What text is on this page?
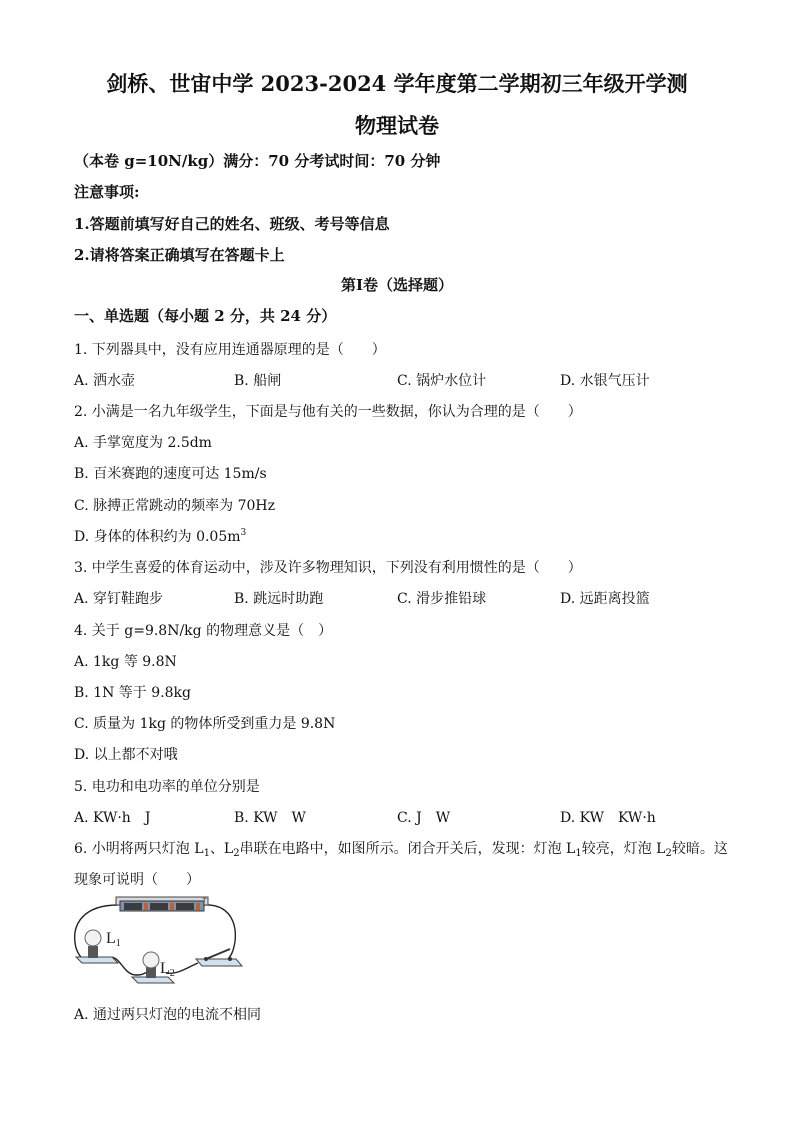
剑桥、世宙中学 2023-2024 学年度第二学期初三年级开学测
物理试卷
（本卷 g=10N/kg）满分：70 分考试时间：70 分钟
注意事项:
1.答题前填写好自己的姓名、班级、考号等信息
2.请将答案正确填写在答题卡上
第Ⅰ卷（选择题）
一、单选题（每小题 2 分，共 24 分）
1. 下列器具中，没有应用连通器原理的是（　　）
A. 洒水壶	B. 船闸	C. 锅炉水位计	D. 水银气压计
2. 小满是一名九年级学生，下面是与他有关的一些数据，你认为合理的是（　　）
A. 手掌宽度为 2.5dm
B. 百米赛跑的速度可达 15m/s
C. 脉搏正常跳动的频率为 70Hz
D. 身体的体积约为 $0.05m^3$
3. 中学生喜爱的体育运动中，涉及许多物理知识，下列没有利用惯性的是（　　）
A. 穿钉鞋跑步	B. 跳远时助跑	C. 滑步推铅球	D. 远距离投篮
4. 关于 g=9.8N/kg 的物理意义是（　）
A. 1kg 等 9.8N
B. 1N 等于 9.8kg
C. 质量为 1kg 的物体所受到重力是 9.8N
D. 以上都不对哦
5. 电功和电功率的单位分别是
A. KW·h　J	B. KW　W	C. J　W	D. KW　KW·h
6. 小明将两只灯泡 $L_1$、$L_2$串联在电路中，如图所示。闭合开关后，发现：灯泡 $L_1$较亮，灯泡 $L_2$较暗。这
现象可说明（　　）
+
L1
L2
A. 通过两只灯泡的电流不相同
